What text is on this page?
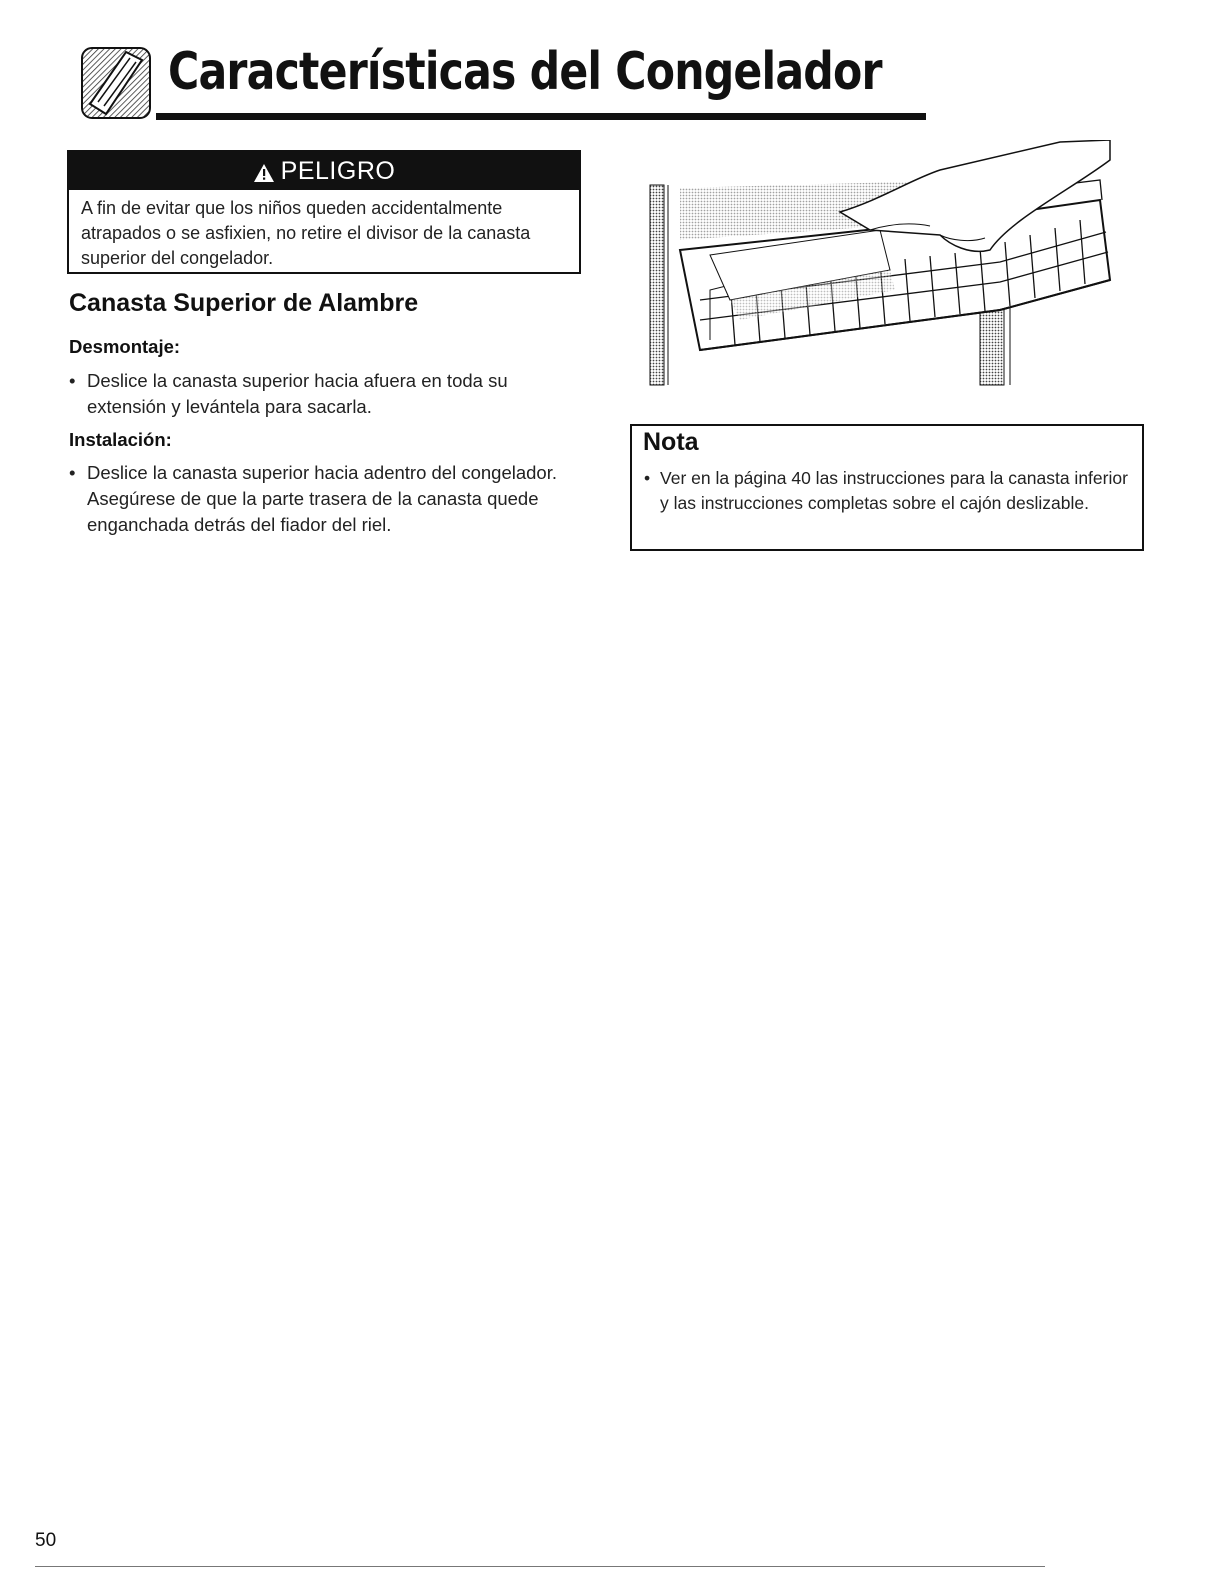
Características del Congelador
PELIGRO
A fin de evitar que los niños queden accidentalmente atrapados o se asfixien, no retire el divisor de la canasta superior del congelador.
Canasta Superior de Alambre
Desmontaje:
• Deslice la canasta superior hacia afuera en toda su extensión y levántela para sacarla.
Instalación:
• Deslice la canasta superior hacia adentro del congelador. Asegúrese de que la parte trasera de la canasta quede enganchada detrás del fiador del riel.
Nota
• Ver en la página 40 las instrucciones para la canasta inferior y las instrucciones completas sobre el cajón deslizable.
50
